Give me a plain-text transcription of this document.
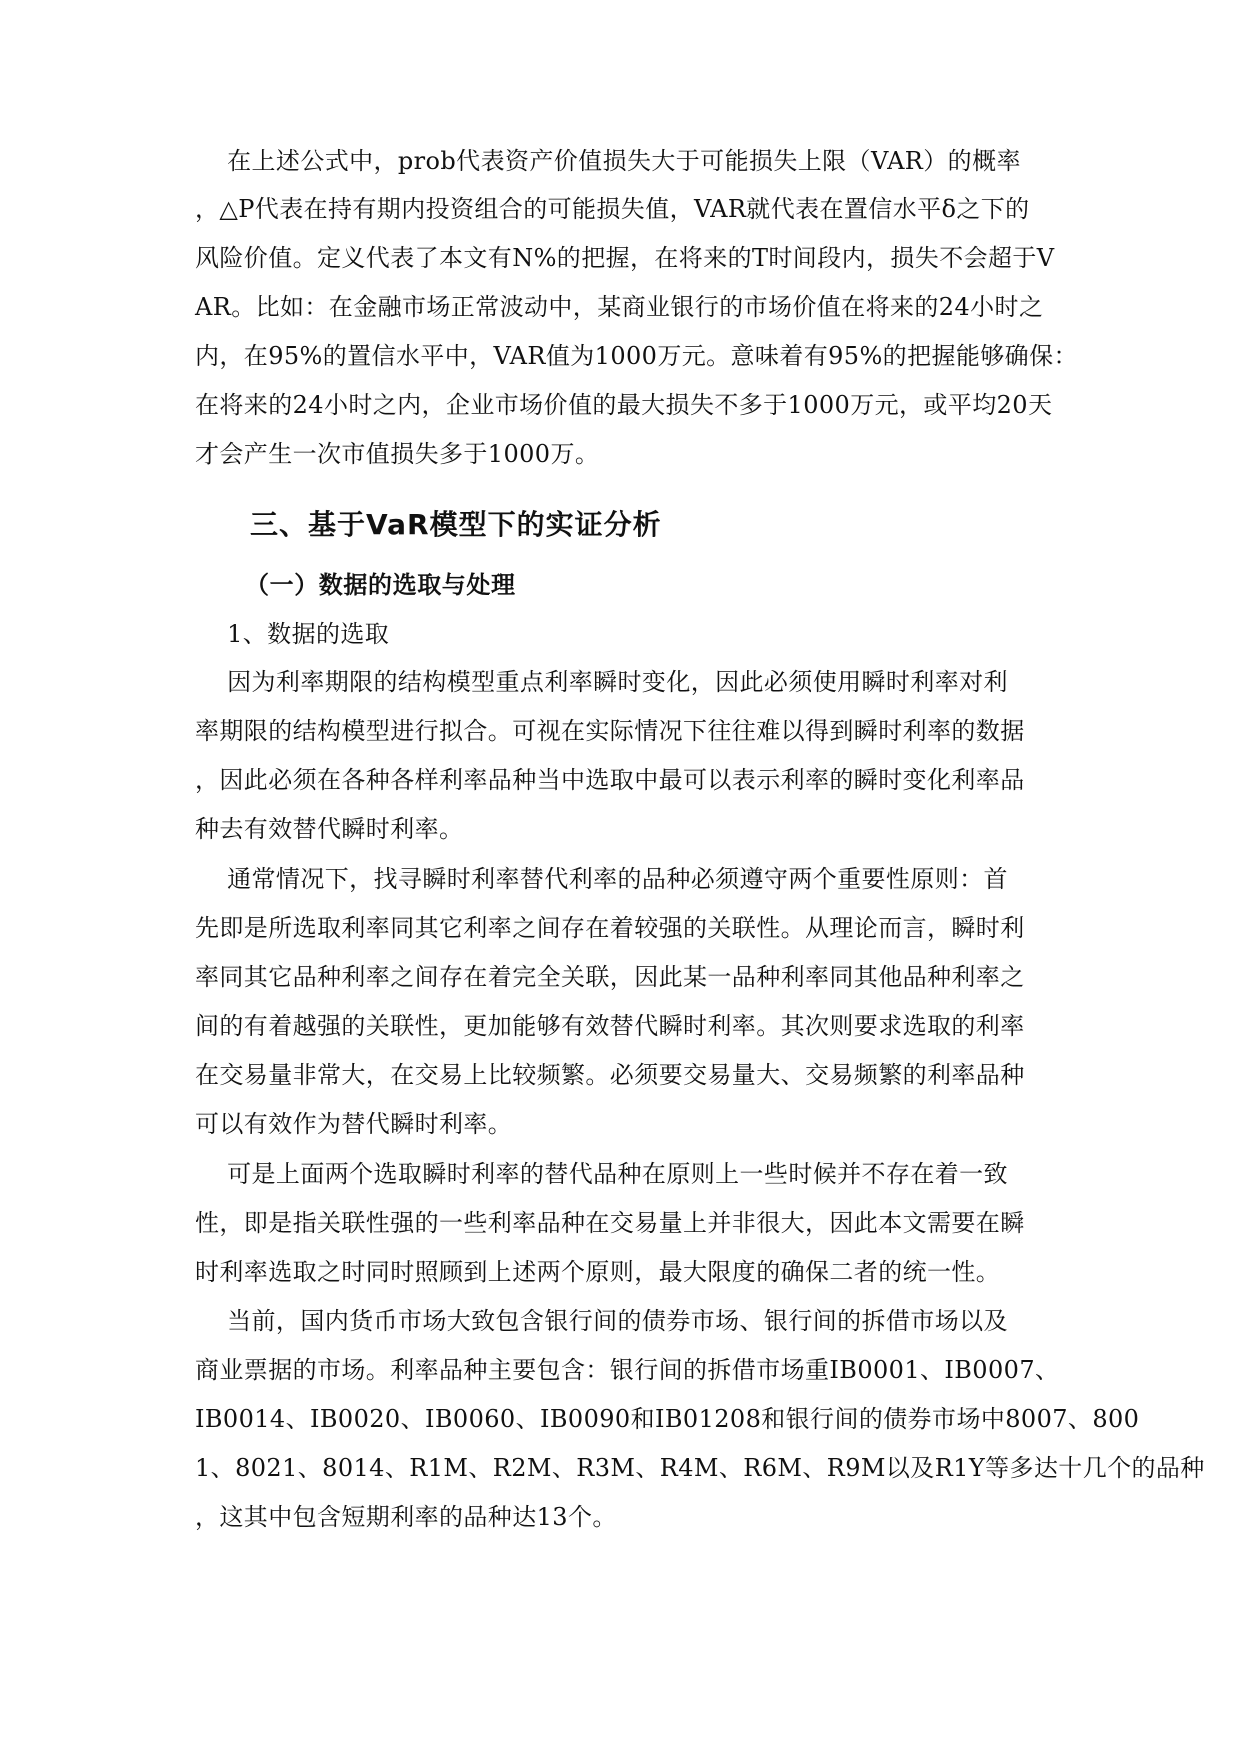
在上述公式中，prob代表资产价值损失大于可能损失上限（VAR）的概率
，△P代表在持有期内投资组合的可能损失值，VAR就代表在置信水平δ之下的
风险价值。定义代表了本文有N%的把握，在将来的T时间段内，损失不会超于V
AR。比如：在金融市场正常波动中，某商业银行的市场价值在将来的24小时之
内，在95%的置信水平中，VAR值为1000万元。意味着有95%的把握能够确保：
在将来的24小时之内，企业市场价值的最大损失不多于1000万元，或平均20天
才会产生一次市值损失多于1000万。
三、基于VaR模型下的实证分析
（一）数据的选取与处理
1、数据的选取
因为利率期限的结构模型重点利率瞬时变化，因此必须使用瞬时利率对利
率期限的结构模型进行拟合。可视在实际情况下往往难以得到瞬时利率的数据
，因此必须在各种各样利率品种当中选取中最可以表示利率的瞬时变化利率品
种去有效替代瞬时利率。
通常情况下，找寻瞬时利率替代利率的品种必须遵守两个重要性原则：首
先即是所选取利率同其它利率之间存在着较强的关联性。从理论而言，瞬时利
率同其它品种利率之间存在着完全关联，因此某一品种利率同其他品种利率之
间的有着越强的关联性，更加能够有效替代瞬时利率。其次则要求选取的利率
在交易量非常大，在交易上比较频繁。必须要交易量大、交易频繁的利率品种
可以有效作为替代瞬时利率。
可是上面两个选取瞬时利率的替代品种在原则上一些时候并不存在着一致
性，即是指关联性强的一些利率品种在交易量上并非很大，因此本文需要在瞬
时利率选取之时同时照顾到上述两个原则，最大限度的确保二者的统一性。
当前，国内货币市场大致包含银行间的债券市场、银行间的拆借市场以及
商业票据的市场。利率品种主要包含：银行间的拆借市场重IB0001、IB0007、
IB0014、IB0020、IB0060、IB0090和IB01208和银行间的债券市场中8007、800
1、8021、8014、R1M、R2M、R3M、R4M、R6M、R9M以及R1Y等多达十几个的品种
，这其中包含短期利率的品种达13个。
